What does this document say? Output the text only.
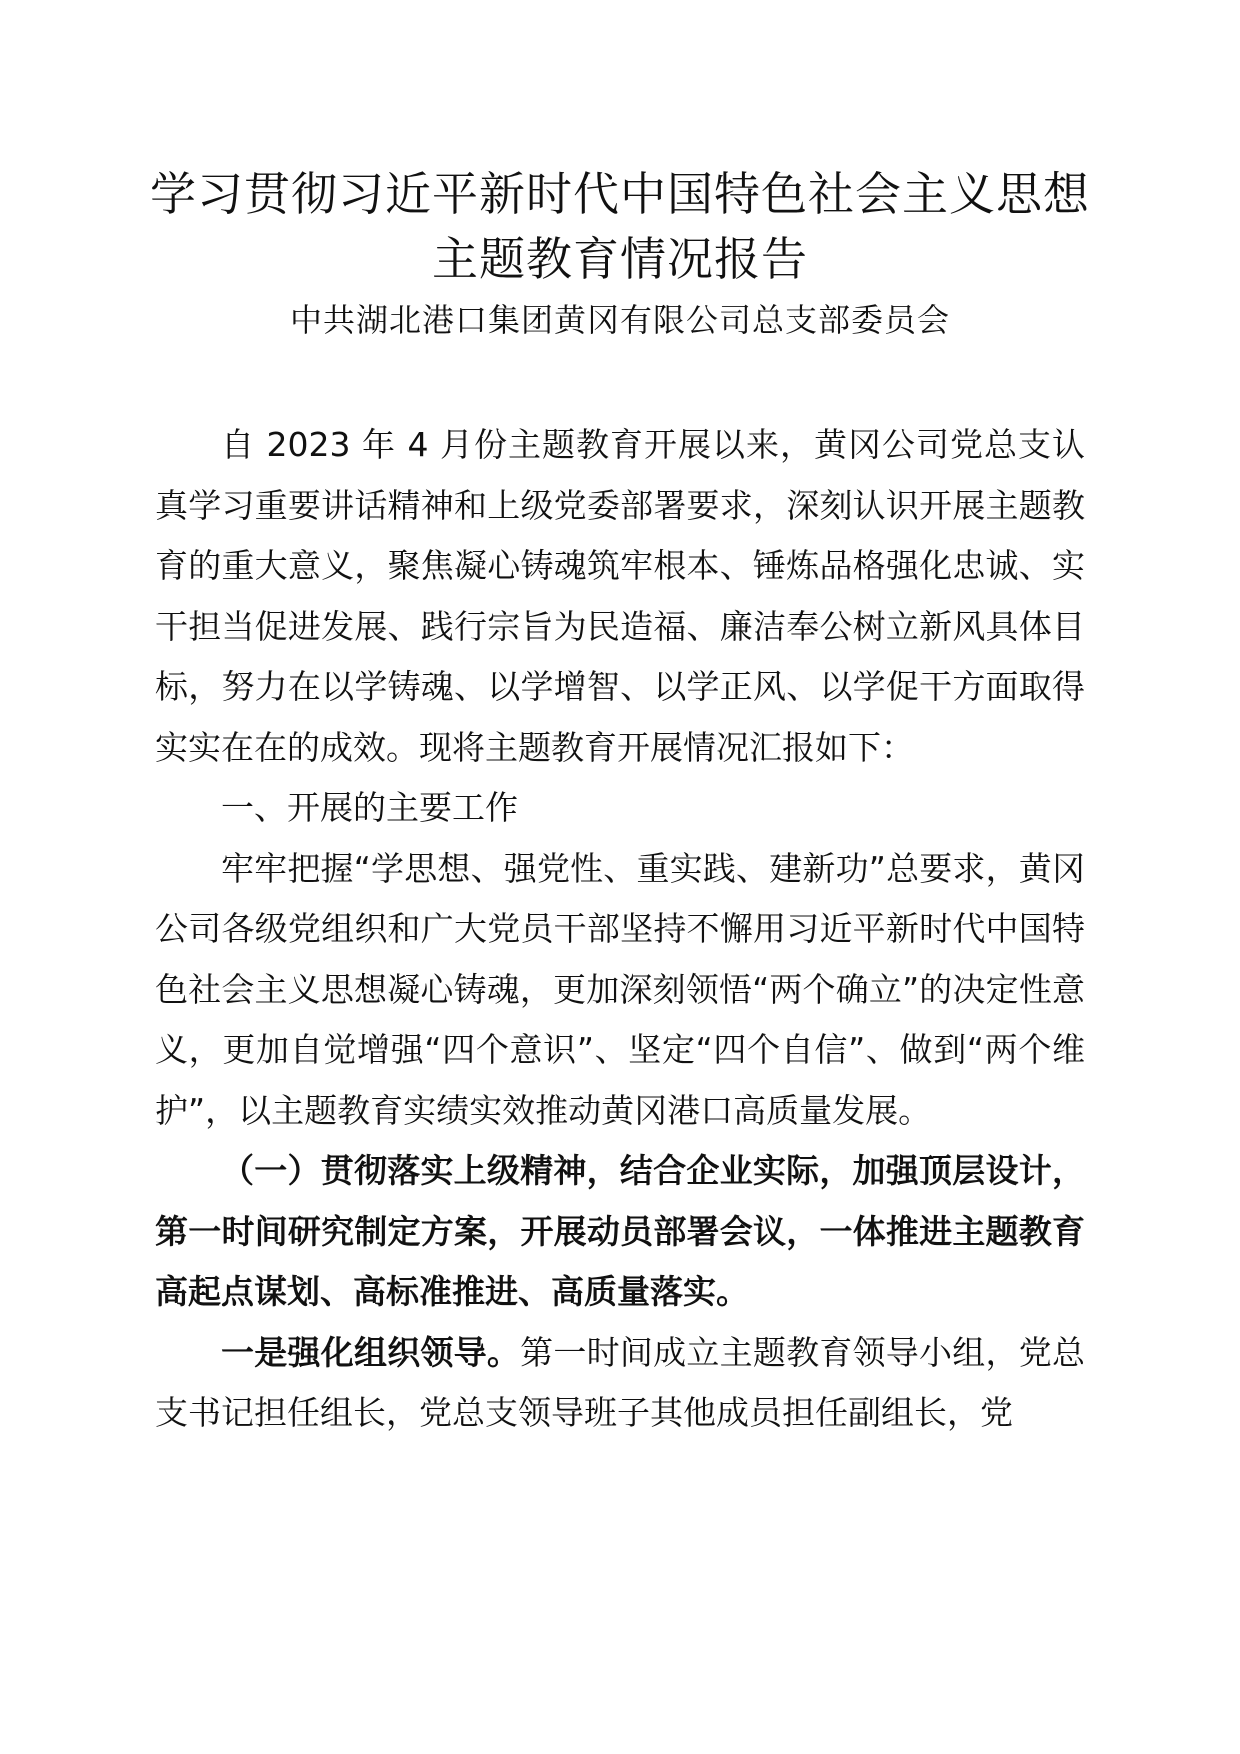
学习贯彻习近平新时代中国特色社会主义思想
主题教育情况报告
中共湖北港口集团黄冈有限公司总支部委员会

自 2023 年 4 月份主题教育开展以来，黄冈公司党总支认真学习重要讲话精神和上级党委部署要求，深刻认识开展主题教育的重大意义，聚焦凝心铸魂筑牢根本、锤炼品格强化忠诚、实干担当促进发展、践行宗旨为民造福、廉洁奉公树立新风具体目标，努力在以学铸魂、以学增智、以学正风、以学促干方面取得实实在在的成效。现将主题教育开展情况汇报如下：

一、开展的主要工作

牢牢把握“学思想、强党性、重实践、建新功”总要求，黄冈公司各级党组织和广大党员干部坚持不懈用习近平新时代中国特色社会主义思想凝心铸魂，更加深刻领悟“两个确立”的决定性意义，更加自觉增强“四个意识”、坚定“四个自信”、做到“两个维护”，以主题教育实绩实效推动黄冈港口高质量发展。

（一）贯彻落实上级精神，结合企业实际，加强顶层设计，第一时间研究制定方案，开展动员部署会议，一体推进主题教育高起点谋划、高标准推进、高质量落实。

一是强化组织领导。第一时间成立主题教育领导小组，党总支书记担任组长，党总支领导班子其他成员担任副组长，党
